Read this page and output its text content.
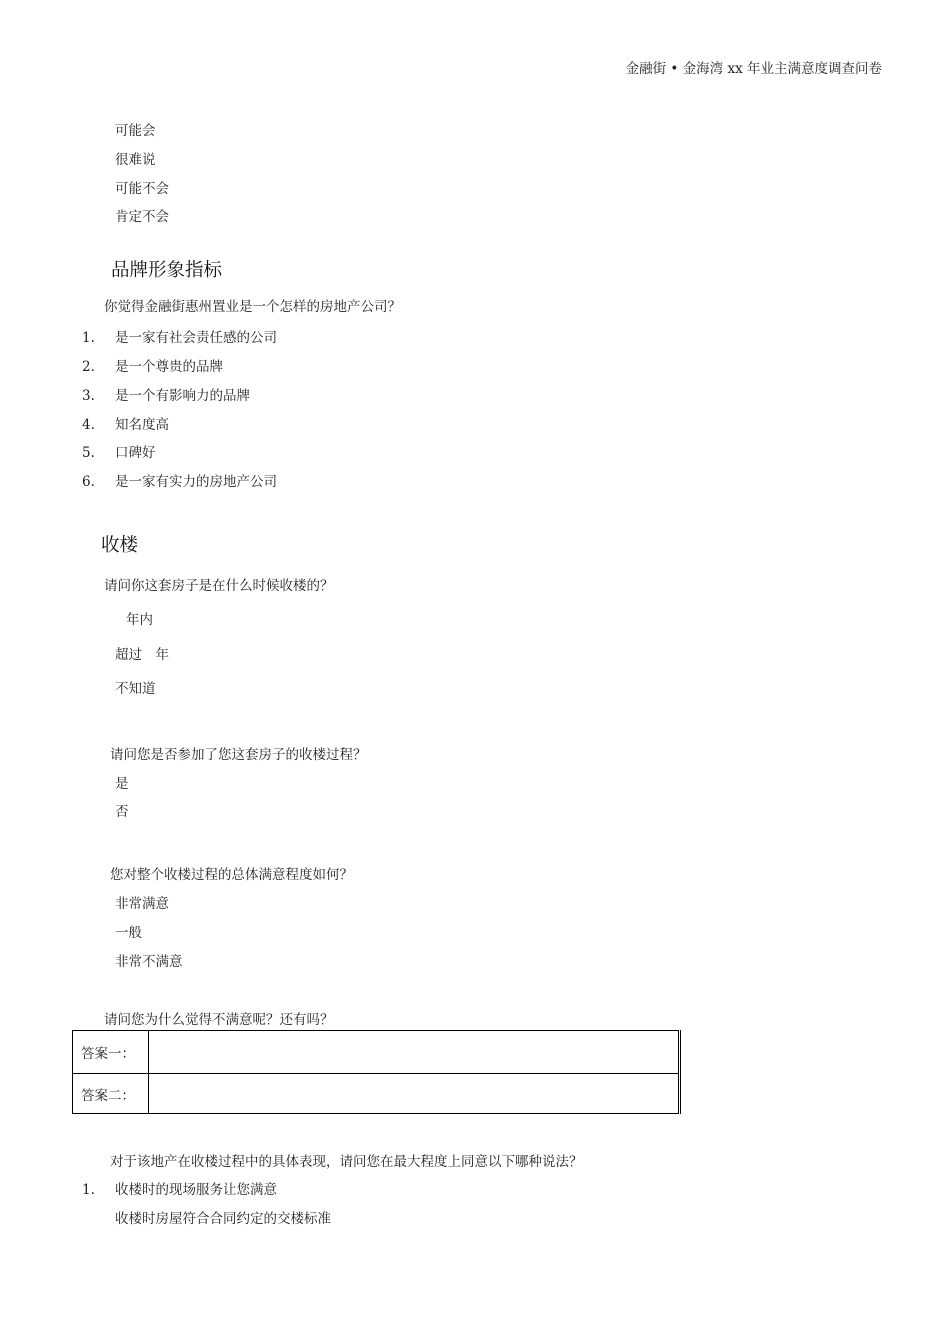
金融街 • 金海湾 xx 年业主满意度调查问卷
可能会
很难说
可能不会
肯定不会
品牌形象指标
你觉得金融街惠州置业是一个怎样的房地产公司？
1. 是一家有社会责任感的公司
2. 是一个尊贵的品牌
3. 是一个有影响力的品牌
4. 知名度高
5. 口碑好
6. 是一家有实力的房地产公司
收楼
请问你这套房子是在什么时候收楼的？
年内
超过　年
不知道
请问您是否参加了您这套房子的收楼过程？
是
否
您对整个收楼过程的总体满意程度如何？
非常满意
一般
非常不满意
请问您为什么觉得不满意呢？还有吗？
答案一：	
答案二：	
对于该地产在收楼过程中的具体表现，请问您在最大程度上同意以下哪种说法？
1. 收楼时的现场服务让您满意
收楼时房屋符合合同约定的交楼标准
